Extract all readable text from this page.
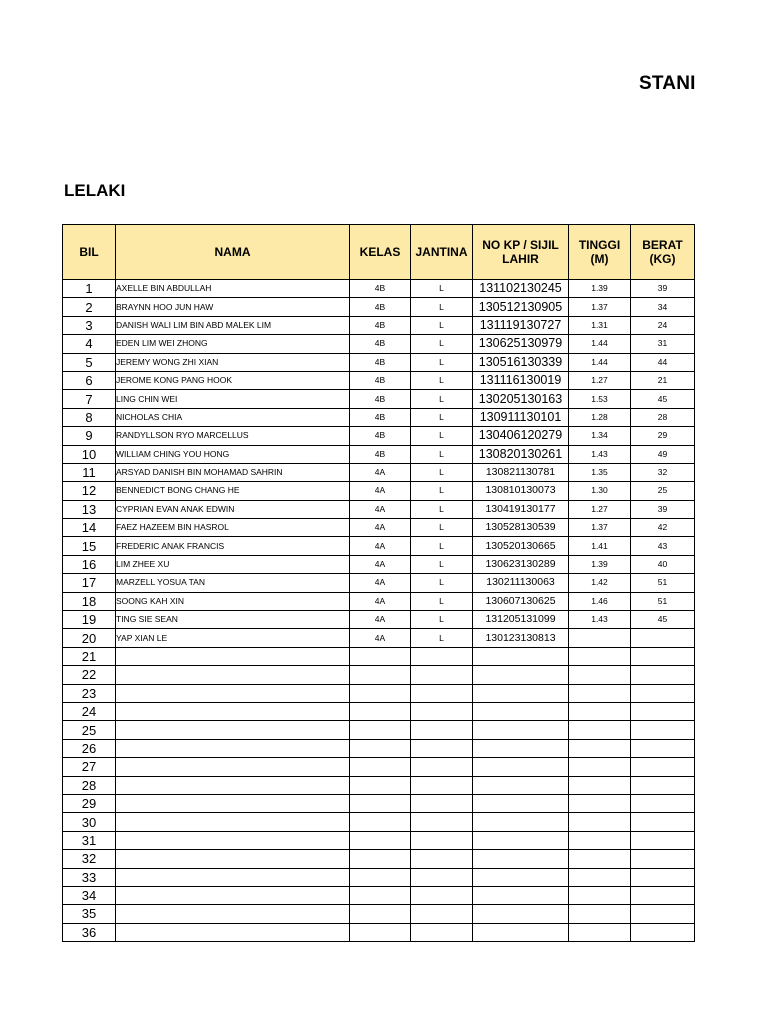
STANI
LELAKI
BIL	NAMA	KELAS	JANTINA	NO KP / SIJIL LAHIR	TINGGI (M)	BERAT (KG)
1	AXELLE BIN ABDULLAH	4B	L	131102130245	1.39	39
2	BRAYNN HOO JUN HAW	4B	L	130512130905	1.37	34
3	DANISH WALI LIM BIN ABD MALEK LIM	4B	L	131119130727	1.31	24
4	EDEN LIM WEI ZHONG	4B	L	130625130979	1.44	31
5	JEREMY WONG ZHI XIAN	4B	L	130516130339	1.44	44
6	JEROME KONG PANG HOOK	4B	L	131116130019	1.27	21
7	LING CHIN WEI	4B	L	130205130163	1.53	45
8	NICHOLAS CHIA	4B	L	130911130101	1.28	28
9	RANDYLLSON RYO MARCELLUS	4B	L	130406120279	1.34	29
10	WILLIAM CHING YOU HONG	4B	L	130820130261	1.43	49
11	ARSYAD DANISH BIN MOHAMAD SAHRIN	4A	L	130821130781	1.35	32
12	BENNEDICT BONG CHANG HE	4A	L	130810130073	1.30	25
13	CYPRIAN EVAN ANAK EDWIN	4A	L	130419130177	1.27	39
14	FAEZ HAZEEM BIN HASROL	4A	L	130528130539	1.37	42
15	FREDERIC ANAK FRANCIS	4A	L	130520130665	1.41	43
16	LIM ZHEE XU	4A	L	130623130289	1.39	40
17	MARZELL YOSUA TAN	4A	L	130211130063	1.42	51
18	SOONG KAH XIN	4A	L	130607130625	1.46	51
19	TING SIE SEAN	4A	L	131205131099	1.43	45
20	YAP XIAN LE	4A	L	130123130813		
21						
22						
23						
24						
25						
26						
27						
28						
29						
30						
31						
32						
33						
34						
35						
36						
